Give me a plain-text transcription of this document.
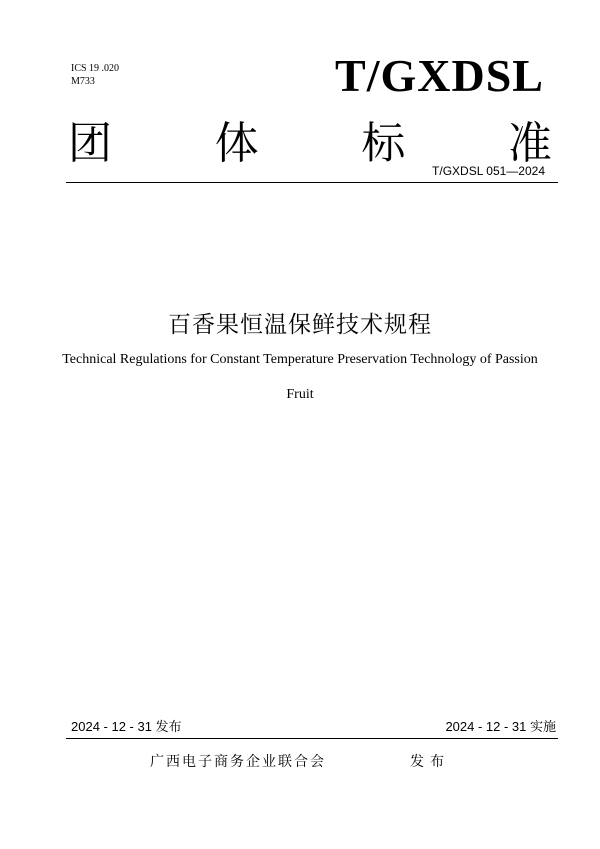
ICS 19 .020
M733	T/GXDSL
团 体 标 准
T/GXDSL 051—2024
百香果恒温保鲜技术规程
Technical Regulations for Constant Temperature Preservation Technology of Passion
Fruit
2024 - 12 - 31 发布	2024 - 12 - 31 实施
广西电子商务企业联合会	发布
